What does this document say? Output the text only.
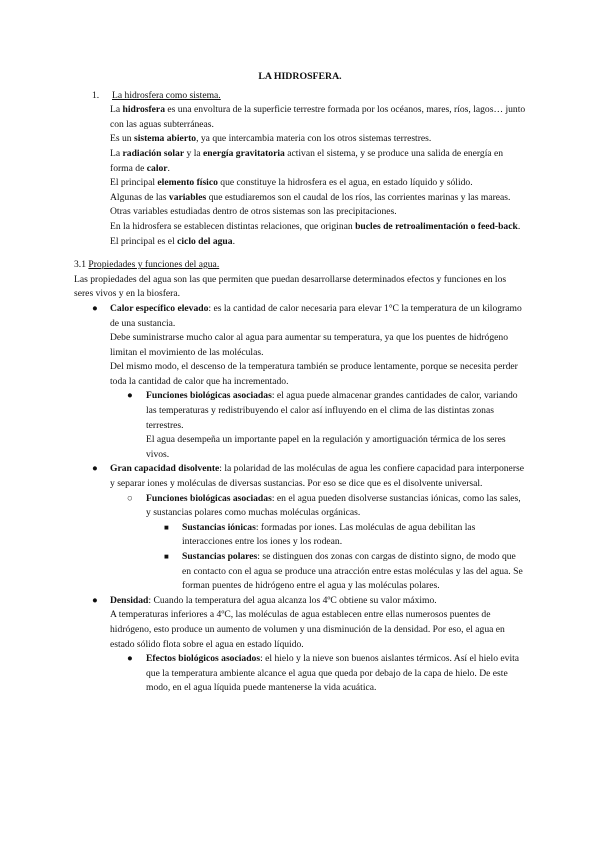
LA HIDROSFERA.
1.	La hidrosfera como sistema.

La hidrosfera es una envoltura de la superficie terrestre formada por los océanos, mares, ríos, lagos… junto con las aguas subterráneas.

Es un sistema abierto, ya que intercambia materia con los otros sistemas terrestres.

La radiación solar y la energía gravitatoria activan el sistema, y se produce una salida de energía en forma de calor.

El principal elemento físico que constituye la hidrosfera es el agua, en estado líquido y sólido.

Algunas de las variables que estudiaremos son el caudal de los ríos, las corrientes marinas y las mareas. Otras variables estudiadas dentro de otros sistemas son las precipitaciones.

En la hidrosfera se establecen distintas relaciones, que originan bucles de retroalimentación o feed-back. El principal es el ciclo del agua.

3.1 Propiedades y funciones del agua.

Las propiedades del agua son las que permiten que puedan desarrollarse determinados efectos y funciones en los seres vivos y en la biosfera.

● Calor específico elevado: es la cantidad de calor necesaria para elevar 1°C la temperatura de un kilogramo de una sustancia.

Debe suministrarse mucho calor al agua para aumentar su temperatura, ya que los puentes de hidrógeno limitan el movimiento de las moléculas.

Del mismo modo, el descenso de la temperatura también se produce lentamente, porque se necesita perder toda la cantidad de calor que ha incrementado.

● Funciones biológicas asociadas: el agua puede almacenar grandes cantidades de calor, variando las temperaturas y redistribuyendo el calor así influyendo en el clima de las distintas zonas terrestres.

El agua desempeña un importante papel en la regulación y amortiguación térmica de los seres vivos.

● Gran capacidad disolvente: la polaridad de las moléculas de agua les confiere capacidad para interponerse y separar iones y moléculas de diversas sustancias. Por eso se dice que es el disolvente universal.

○ Funciones biológicas asociadas: en el agua pueden disolverse sustancias iónicas, como las sales, y sustancias polares como muchas moléculas orgánicas.

■ Sustancias iónicas: formadas por iones. Las moléculas de agua debilitan las interacciones entre los iones y los rodean.

■ Sustancias polares: se distinguen dos zonas con cargas de distinto signo, de modo que en contacto con el agua se produce una atracción entre estas moléculas y las del agua. Se forman puentes de hidrógeno entre el agua y las moléculas polares.

● Densidad: Cuando la temperatura del agua alcanza los 4ºC obtiene su valor máximo.

A temperaturas inferiores a 4ºC, las moléculas de agua establecen entre ellas numerosos puentes de hidrógeno, esto produce un aumento de volumen y una disminución de la densidad. Por eso, el agua en estado sólido flota sobre el agua en estado líquido.

● Efectos biológicos asociados: el hielo y la nieve son buenos aislantes térmicos. Así el hielo evita que la temperatura ambiente alcance el agua que queda por debajo de la capa de hielo. De este modo, en el agua líquida puede mantenerse la vida acuática.
